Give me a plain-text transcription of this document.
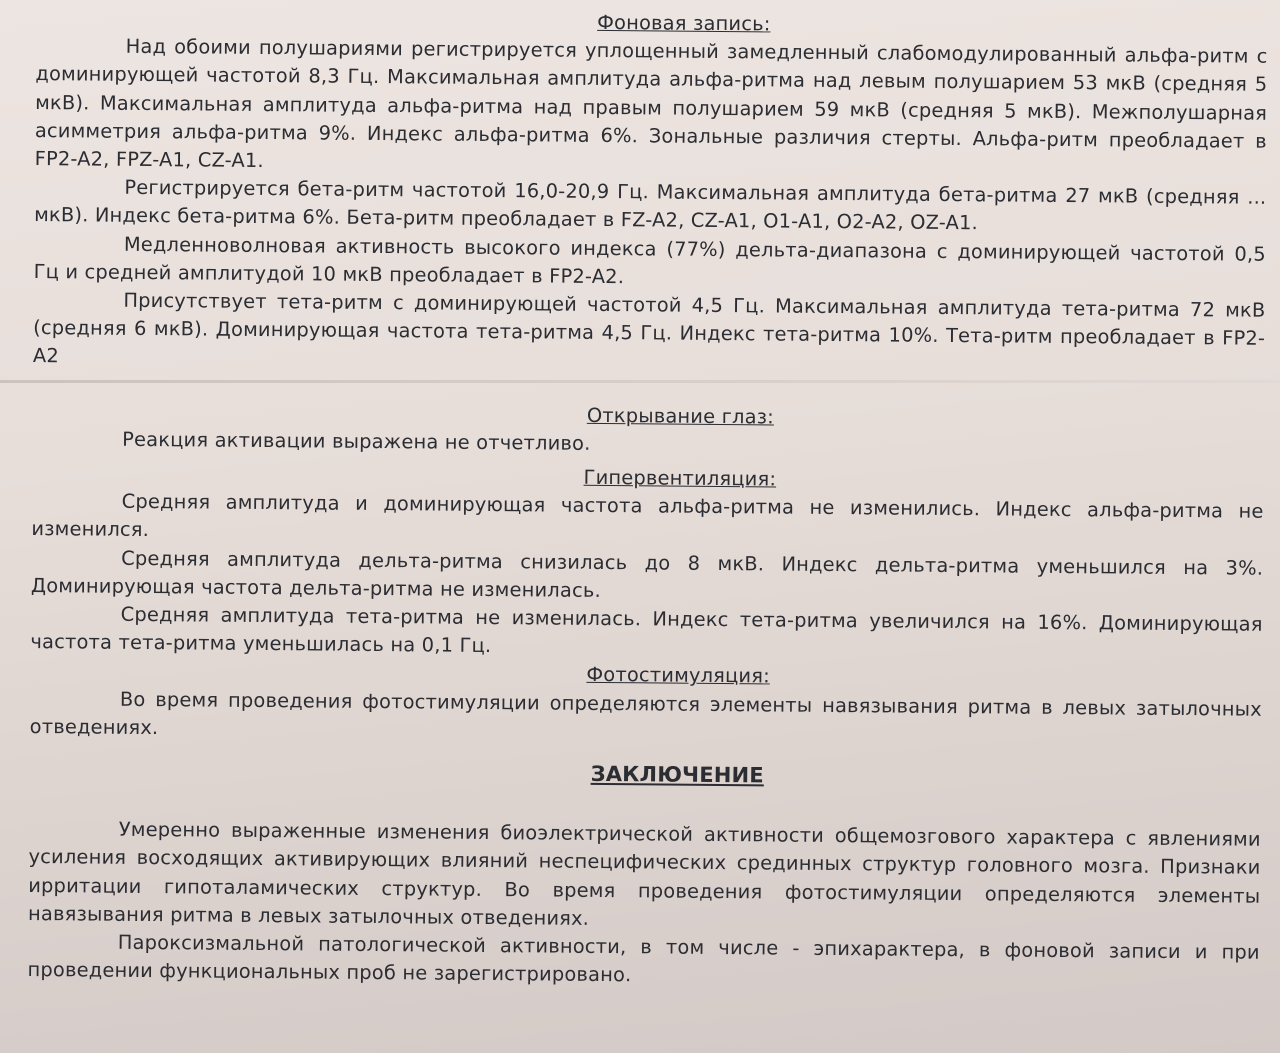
Фоновая запись:

Над обоими полушариями регистрируется уплощенный замедленный слабомодулированный альфа-ритм с доминирующей частотой 8,3 Гц. Максимальная амплитуда альфа-ритма над левым полушарием 53 мкВ (средняя 5 мкВ). Максимальная амплитуда альфа-ритма над правым полушарием 59 мкВ (средняя 5 мкВ). Межполушарная асимметрия альфа-ритма 9%. Индекс альфа-ритма 6%. Зональные различия стерты. Альфа-ритм преобладает в FP2-A2, FPZ-A1, CZ-A1.

Регистрируется бета-ритм частотой 16,0-20,9 Гц. Максимальная амплитуда бета-ритма 27 мкВ (средняя ... мкВ). Индекс бета-ритма 6%. Бета-ритм преобладает в FZ-A2, CZ-A1, O1-A1, O2-A2, OZ-A1.

Медленноволновая активность высокого индекса (77%) дельта-диапазона с доминирующей частотой 0,5 Гц и средней амплитудой 10 мкВ преобладает в FP2-A2.

Присутствует тета-ритм с доминирующей частотой 4,5 Гц. Максимальная амплитуда тета-ритма 72 мкВ (средняя 6 мкВ). Доминирующая частота тета-ритма 4,5 Гц. Индекс тета-ритма 10%. Тета-ритм преобладает в FP2-A2

Открывание глаз:

Реакция активации выражена не отчетливо.

Гипервентиляция:

Средняя амплитуда и доминирующая частота альфа-ритма не изменились. Индекс альфа-ритма не изменился.

Средняя амплитуда дельта-ритма снизилась до 8 мкВ. Индекс дельта-ритма уменьшился на 3%. Доминирующая частота дельта-ритма не изменилась.

Средняя амплитуда тета-ритма не изменилась. Индекс тета-ритма увеличился на 16%. Доминирующая частота тета-ритма уменьшилась на 0,1 Гц.

Фотостимуляция:

Во время проведения фотостимуляции определяются элементы навязывания ритма в левых затылочных отведениях.

ЗАКЛЮЧЕНИЕ

Умеренно выраженные изменения биоэлектрической активности общемозгового характера с явлениями усиления восходящих активирующих влияний неспецифических срединных структур головного мозга. Признаки ирритации гипоталамических структур. Во время проведения фотостимуляции определяются элементы навязывания ритма в левых затылочных отведениях.

Пароксизмальной патологической активности, в том числе - эпихарактера, в фоновой записи и при проведении функциональных проб не зарегистрировано.
